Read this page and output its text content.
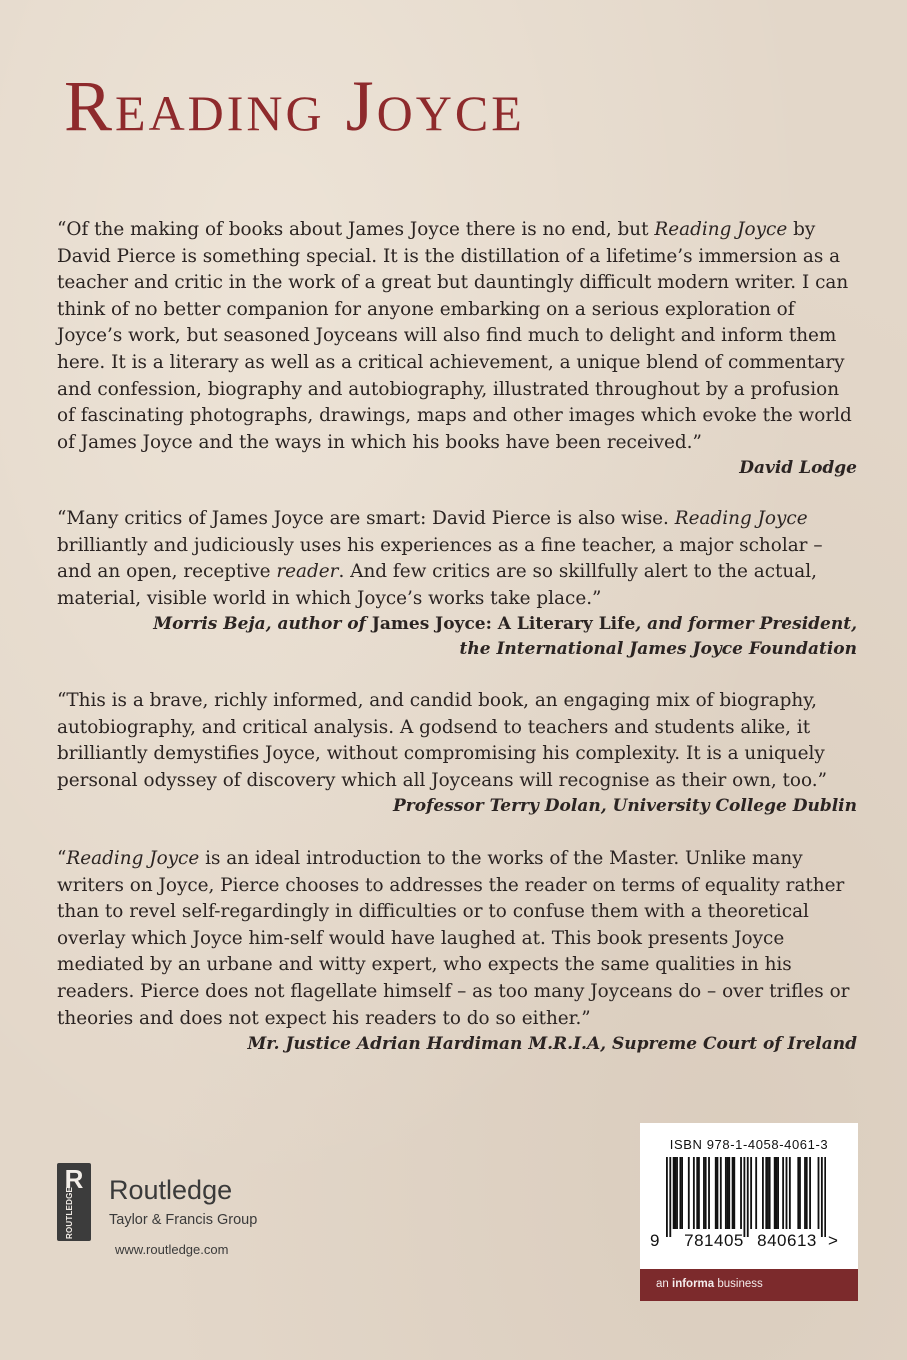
Reading Joyce

“Of the making of books about James Joyce there is no end, but Reading Joyce by David Pierce is something special. It is the distillation of a lifetime’s immersion as a teacher and critic in the work of a great but dauntingly difficult modern writer. I can think of no better companion for anyone embarking on a serious exploration of Joyce’s work, but seasoned Joyceans will also find much to delight and inform them here. It is a literary as well as a critical achievement, a unique blend of commentary and confession, biography and autobiography, illustrated throughout by a profusion of fascinating photographs, drawings, maps and other images which evoke the world of James Joyce and the ways in which his books have been received.”

David Lodge

“Many critics of James Joyce are smart: David Pierce is also wise. Reading Joyce brilliantly and judiciously uses his experiences as a fine teacher, a major scholar – and an open, receptive reader. And few critics are so skillfully alert to the actual, material, visible world in which Joyce’s works take place.”

Morris Beja, author of James Joyce: A Literary Life, and former President,
the International James Joyce Foundation

“This is a brave, richly informed, and candid book, an engaging mix of biography, autobiography, and critical analysis. A godsend to teachers and students alike, it brilliantly demystifies Joyce, without compromising his complexity. It is a uniquely personal odyssey of discovery which all Joyceans will recognise as their own, too.”

Professor Terry Dolan, University College Dublin

“Reading Joyce is an ideal introduction to the works of the Master. Unlike many writers on Joyce, Pierce chooses to addresses the reader on terms of equality rather than to revel self-regardingly in difficulties or to confuse them with a theoretical overlay which Joyce him-self would have laughed at. This book presents Joyce mediated by an urbane and witty expert, who expects the same qualities in his readers. Pierce does not flagellate himself – as too many Joyceans do – over trifles or theories and does not expect his readers to do so either.”

Mr. Justice Adrian Hardiman M.R.I.A, Supreme Court of Ireland

R
ROUTLEDGE	Routledge

Taylor & Francis Group

www.routledge.com

ISBN 978-1-4058-4061-3

9	781405 840613 >

an informa business
